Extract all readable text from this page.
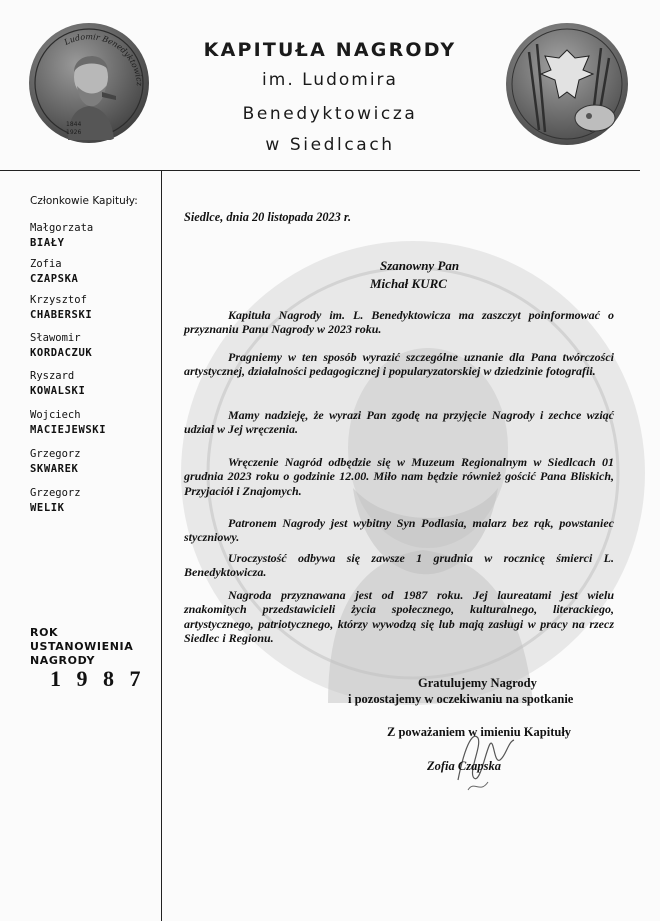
Ludomir Benedyktowicz
1844
1926
KAPITUŁA NAGRODY
im. Ludomira
Benedyktowicza
w Siedlcach
Członkowie Kapituły:
Małgorzata
BIAŁY
Zofia
CZAPSKA
Krzysztof
CHABERSKI
Sławomir
KORDACZUK
Ryszard
KOWALSKI
Wojciech
MACIEJEWSKI
Grzegorz
SKWAREK
Grzegorz
WELIK
ROK
USTANOWIENIA
NAGRODY
1 9 8 7
Siedlce, dnia 20 listopada 2023 r.
Szanowny Pan
Michał KURC
Kapituła Nagrody im. L. Benedyktowicza ma zaszczyt poinformować o przyznaniu Panu Nagrody w 2023 roku.
Pragniemy w ten sposób wyrazić szczególne uznanie dla Pana twórczości artystycznej, działalności pedagogicznej i popularyzatorskiej w dziedzinie fotografii.
Mamy nadzieję, że wyrazi Pan zgodę na przyjęcie Nagrody i zechce wziąć udział w Jej wręczenia.
Wręczenie Nagród odbędzie się w Muzeum Regionalnym w Siedlcach 01 grudnia 2023 roku o godzinie 12.00. Miło nam będzie również gościć Pana Bliskich, Przyjaciół i Znajomych.
Patronem Nagrody jest wybitny Syn Podlasia, malarz bez rąk, powstaniec styczniowy.
Uroczystość odbywa się zawsze 1 grudnia w rocznicę śmierci L. Benedyktowicza.
Nagroda przyznawana jest od 1987 roku. Jej laureatami jest wielu znakomitych przedstawicieli życia społecznego, kulturalnego, literackiego, artystycznego, patriotycznego, którzy wywodzą się lub mają zasługi w pracy na rzecz Siedlec i Regionu.
Gratulujemy Nagrody
i pozostajemy w oczekiwaniu na spotkanie
Z poważaniem w imieniu Kapituły
Zofia Czapska
